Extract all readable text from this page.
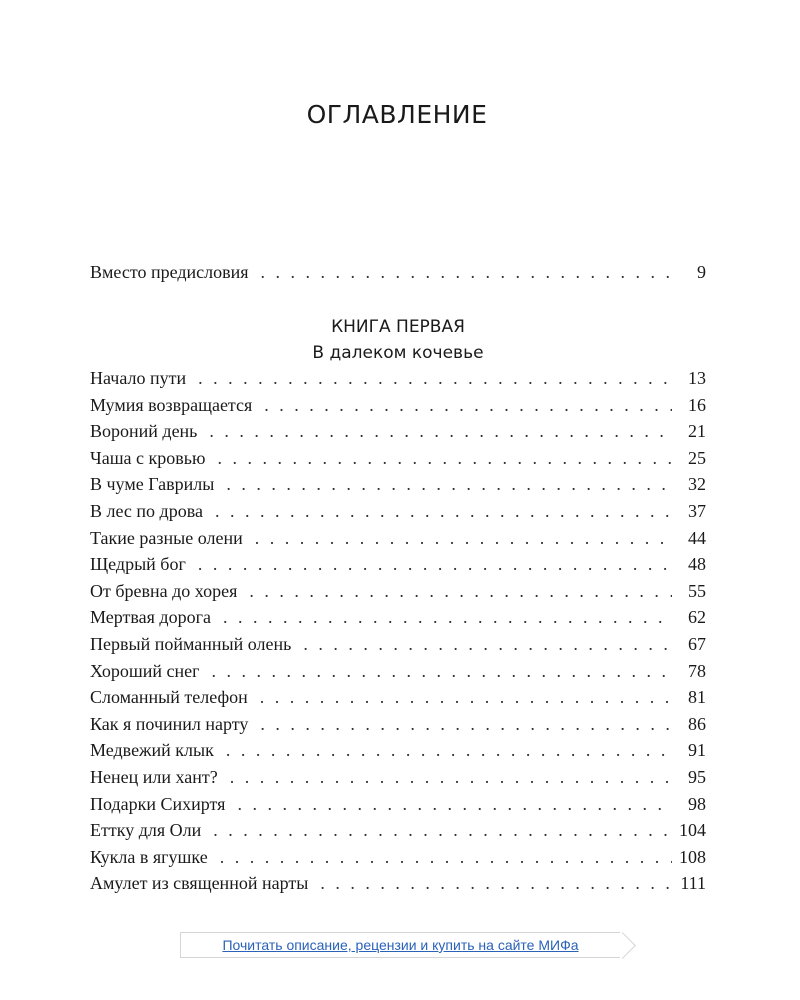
ОГЛАВЛЕНИЕ
Вместо предисловия . . .	9
КНИГА ПЕРВАЯ
В далеком кочевье
Начало пути . . .	13
Мумия возвращается . . .	16
Вороний день . . .	21
Чаша с кровью . . .	25
В чуме Гаврилы . . .	32
В лес по дрова . . .	37
Такие разные олени . . .	44
Щедрый бог . . .	48
От бревна до хорея . . .	55
Мертвая дорога . . .	62
Первый пойманный олень . . .	67
Хороший снег . . .	78
Сломанный телефон . . .	81
Как я починил нарту . . .	86
Медвежий клык . . .	91
Ненец или хант? . . .	95
Подарки Сихиртя . . .	98
Еттку для Оли . . .	104
Кукла в ягушке . . .	108
Амулет из священной нарты . . .	111
Почитать описание, рецензии и купить на сайте МИФа
